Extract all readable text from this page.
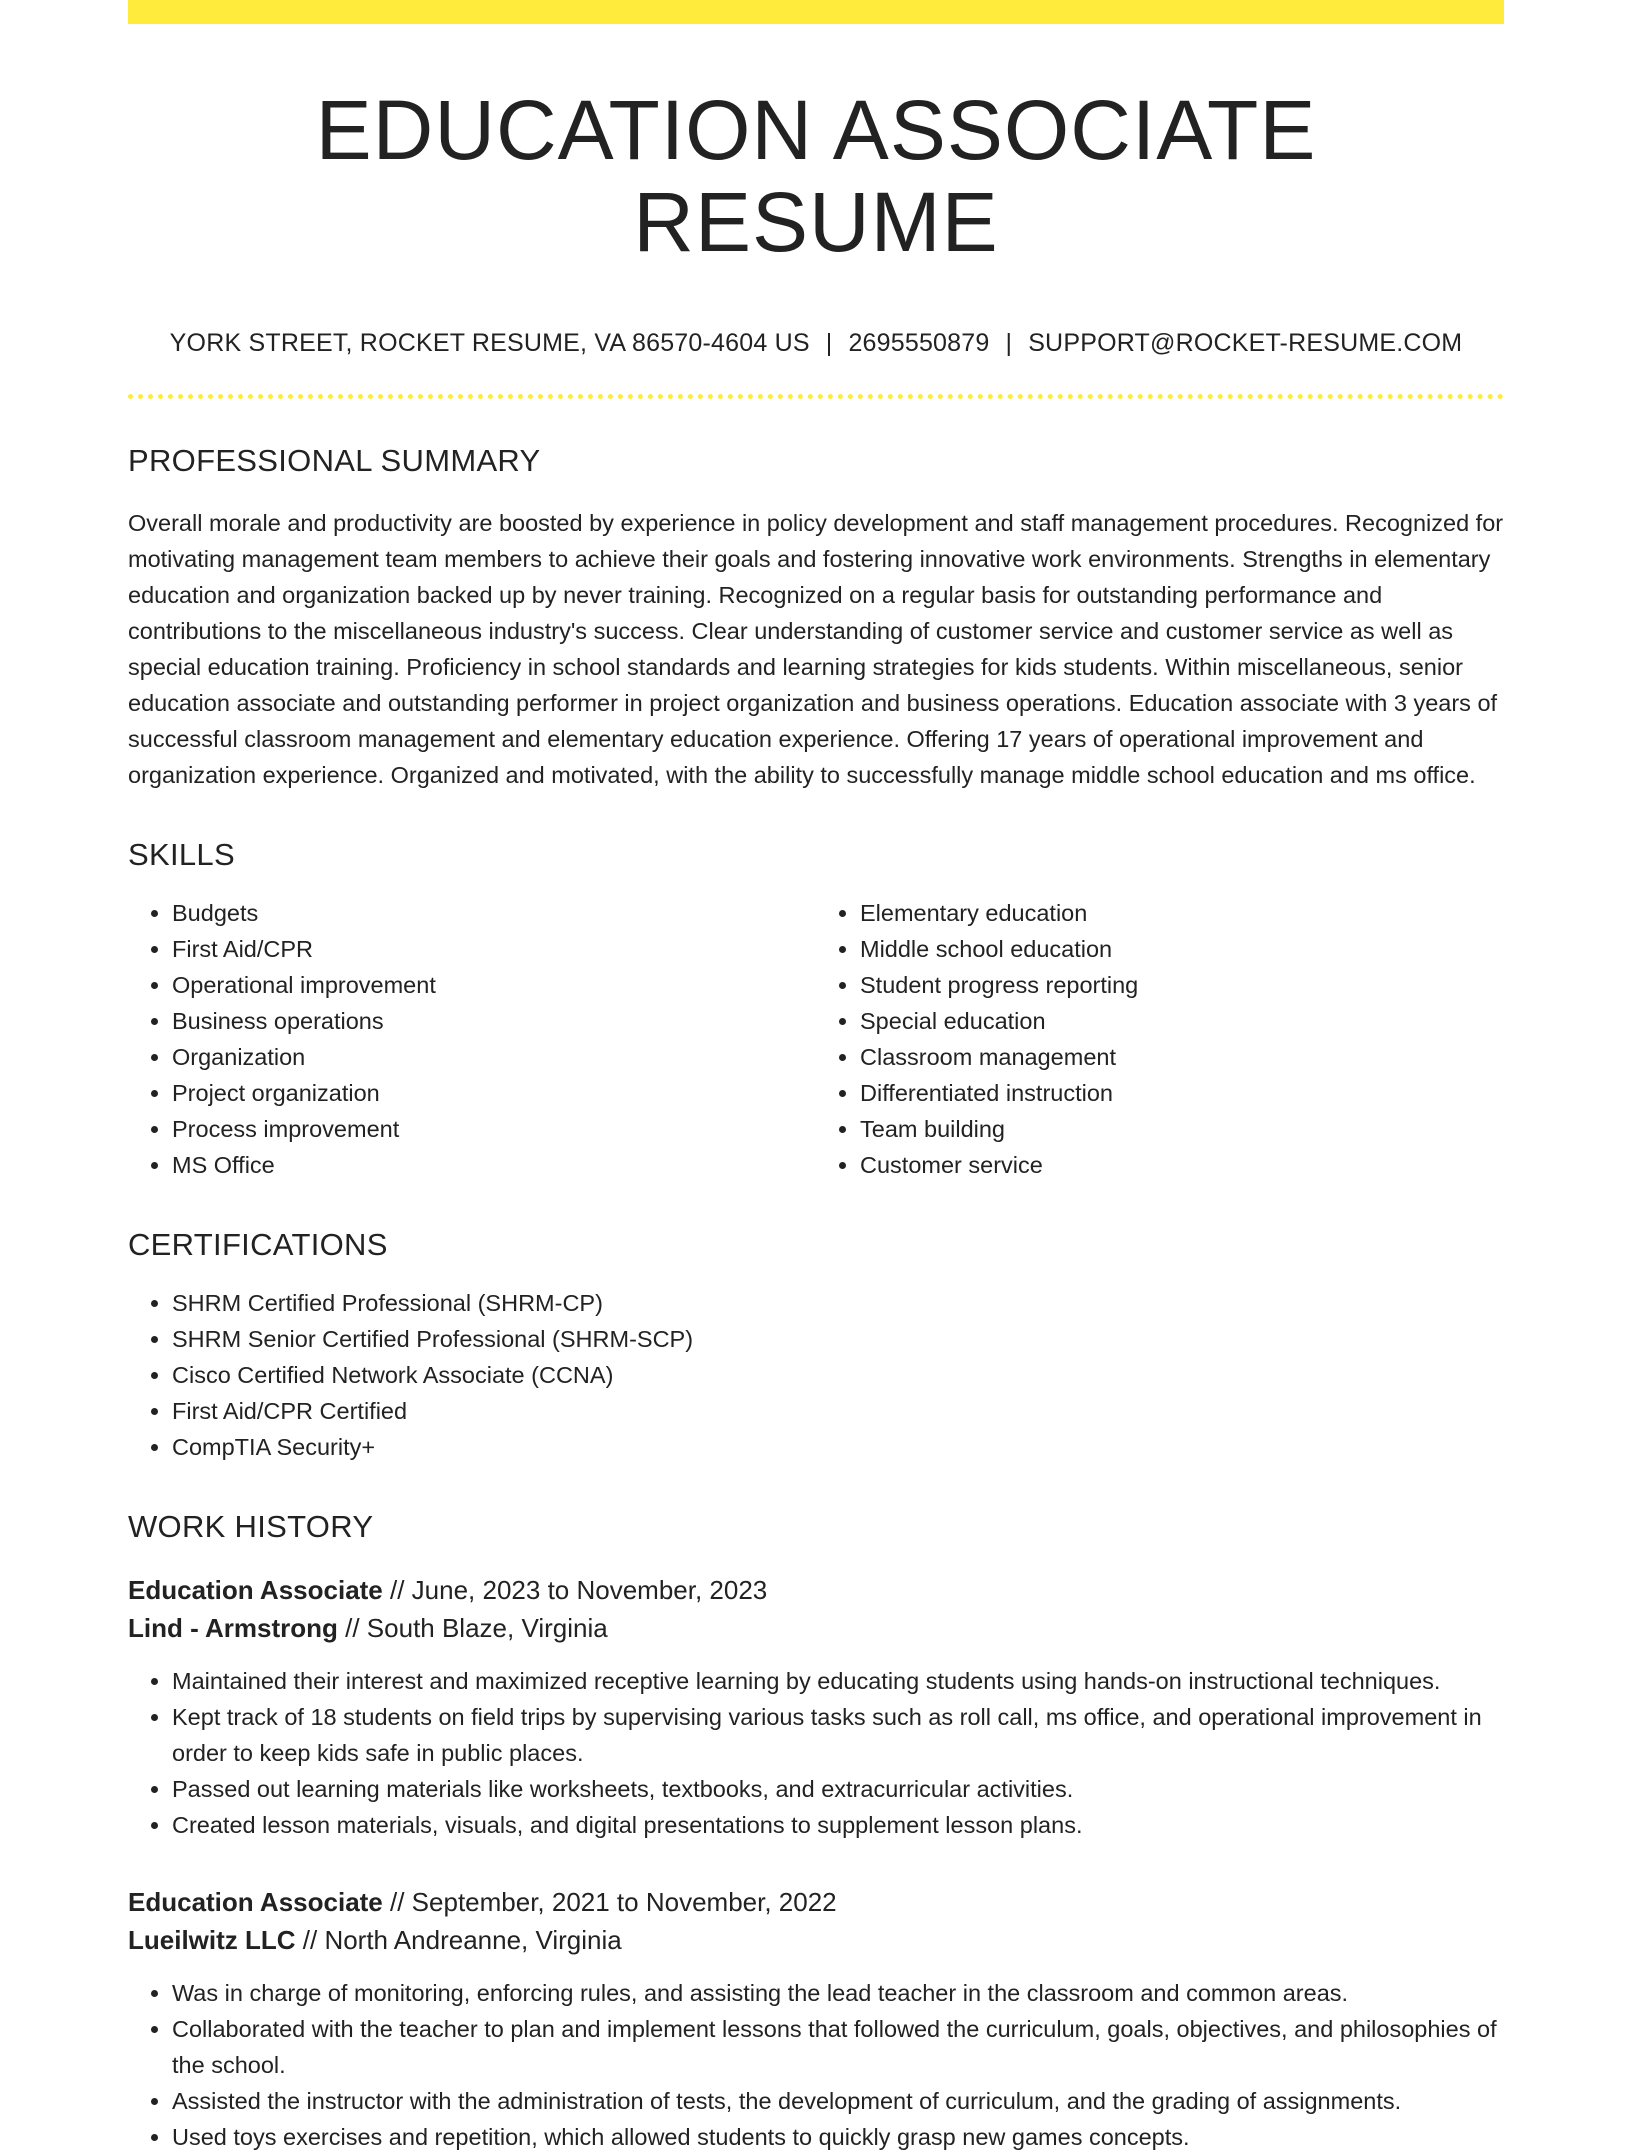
EDUCATION ASSOCIATE RESUME
YORK STREET, ROCKET RESUME, VA 86570-4604 US | 2695550879 | SUPPORT@ROCKET-RESUME.COM
PROFESSIONAL SUMMARY

Overall morale and productivity are boosted by experience in policy development and staff management procedures. Recognized for motivating management team members to achieve their goals and fostering innovative work environments. Strengths in elementary education and organization backed up by never training. Recognized on a regular basis for outstanding performance and contributions to the miscellaneous industry's success. Clear understanding of customer service and customer service as well as special education training. Proficiency in school standards and learning strategies for kids students. Within miscellaneous, senior education associate and outstanding performer in project organization and business operations. Education associate with 3 years of successful classroom management and elementary education experience. Offering 17 years of operational improvement and organization experience. Organized and motivated, with the ability to successfully manage middle school education and ms office.

SKILLS
• Budgets
• First Aid/CPR
• Operational improvement
• Business operations
• Organization
• Project organization
• Process improvement
• MS Office
• Elementary education
• Middle school education
• Student progress reporting
• Special education
• Classroom management
• Differentiated instruction
• Team building
• Customer service
CERTIFICATIONS
• SHRM Certified Professional (SHRM-CP)
• SHRM Senior Certified Professional (SHRM-SCP)
• Cisco Certified Network Associate (CCNA)
• First Aid/CPR Certified
• CompTIA Security+
WORK HISTORY
Education Associate // June, 2023 to November, 2023
Lind - Armstrong // South Blaze, Virginia
• Maintained their interest and maximized receptive learning by educating students using hands-on instructional techniques.
• Kept track of 18 students on field trips by supervising various tasks such as roll call, ms office, and operational improvement in order to keep kids safe in public places.
• Passed out learning materials like worksheets, textbooks, and extracurricular activities.
• Created lesson materials, visuals, and digital presentations to supplement lesson plans.
Education Associate // September, 2021 to November, 2022
Lueilwitz LLC // North Andreanne, Virginia
• Was in charge of monitoring, enforcing rules, and assisting the lead teacher in the classroom and common areas.
• Collaborated with the teacher to plan and implement lessons that followed the curriculum, goals, objectives, and philosophies of the school.
• Assisted the instructor with the administration of tests, the development of curriculum, and the grading of assignments.
• Used toys exercises and repetition, which allowed students to quickly grasp new games concepts.
